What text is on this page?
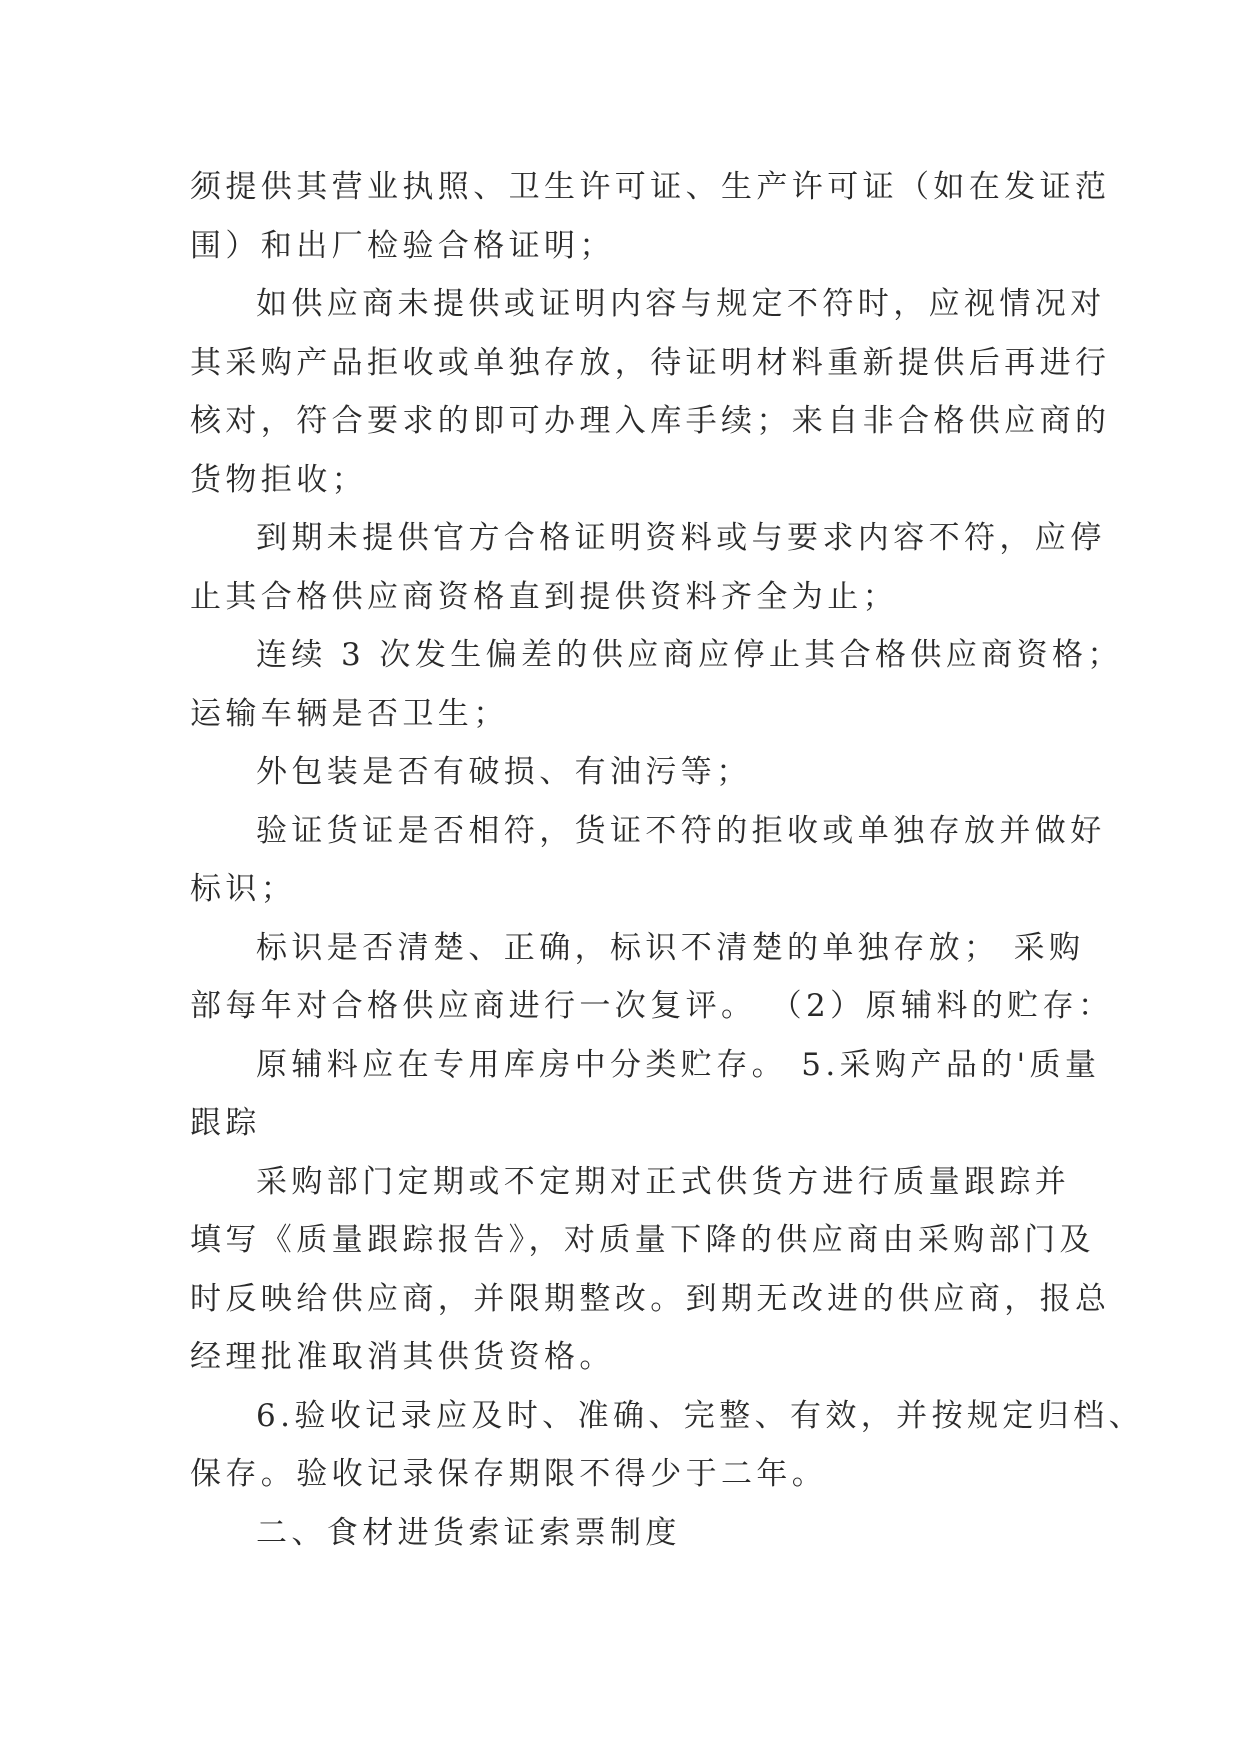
须提供其营业执照、卫生许可证、生产许可证（如在发证范

围）和出厂检验合格证明；

如供应商未提供或证明内容与规定不符时，应视情况对

其采购产品拒收或单独存放，待证明材料重新提供后再进行

核对，符合要求的即可办理入库手续；来自非合格供应商的

货物拒收；

到期未提供官方合格证明资料或与要求内容不符，应停

止其合格供应商资格直到提供资料齐全为止；

连续 3 次发生偏差的供应商应停止其合格供应商资格；

运输车辆是否卫生；

外包装是否有破损、有油污等；

验证货证是否相符，货证不符的拒收或单独存放并做好

标识；

标识是否清楚、正确，标识不清楚的单独存放； 采购

部每年对合格供应商进行一次复评。 （2）原辅料的贮存：

原辅料应在专用库房中分类贮存。 5.采购产品的'质量

跟踪

采购部门定期或不定期对正式供货方进行质量跟踪并

填写《质量跟踪报告》，对质量下降的供应商由采购部门及

时反映给供应商，并限期整改。到期无改进的供应商，报总

经理批准取消其供货资格。

6.验收记录应及时、准确、完整、有效，并按规定归档、

保存。验收记录保存期限不得少于二年。

二、食材进货索证索票制度
